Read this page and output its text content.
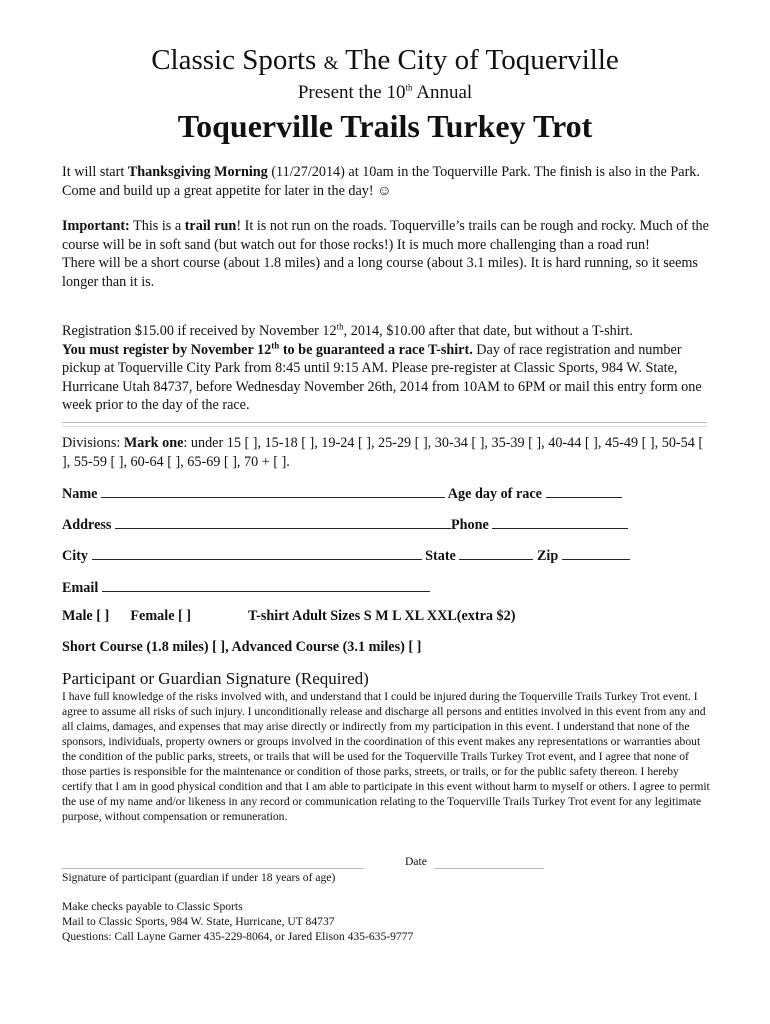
Classic Sports & The City of Toquerville
Present the 10th Annual
Toquerville Trails Turkey Trot

It will start Thanksgiving Morning (11/27/2014) at 10am in the Toquerville Park. The finish is also in the Park. Come and build up a great appetite for later in the day! ☺

Important: This is a trail run! It is not run on the roads. Toquerville’s trails can be rough and rocky. Much of the course will be in soft sand (but watch out for those rocks!) It is much more challenging than a road run!

There will be a short course (about 1.8 miles) and a long course (about 3.1 miles). It is hard running, so it seems longer than it is.

Registration $15.00 if received by November 12th, 2014, $10.00 after that date, but without a T-shirt.
You must register by November 12th to be guaranteed a race T-shirt. Day of race registration and number pickup at Toquerville City Park from 8:45 until 9:15 AM. Please pre-register at Classic Sports, 984 W. State, Hurricane Utah 84737, before Wednesday November 26th, 2014 from 10AM to 6PM or mail this entry form one week prior to the day of the race.

Divisions: Mark one: under 15 [ ], 15-18 [ ], 19-24 [ ], 25-29 [ ], 30-34 [ ], 35-39 [ ], 40-44 [ ], 45-49 [ ], 50-54 [ ], 55-59 [ ], 60-64 [ ], 65-69 [ ], 70 + [ ].

Name	Age day of race
Address	Phone
City	State	Zip
Email
Male [ ] Female [ ]	T-shirt Adult Sizes S M L XL XXL(extra $2)
Short Course (1.8 miles) [ ], Advanced Course (3.1 miles) [ ]
Participant or Guardian Signature (Required)
I have full knowledge of the risks involved with, and understand that I could be injured during the Toquerville Trails Turkey Trot event. I agree to assume all risks of such injury. I unconditionally release and discharge all persons and entities involved in this event from any and all claims, damages, and expenses that may arise directly or indirectly from my participation in this event. I understand that none of the sponsors, individuals, property owners or groups involved in the coordination of this event makes any representations or warranties about the condition of the public parks, streets, or trails that will be used for the Toquerville Trails Turkey Trot event, and I agree that none of those parties is responsible for the maintenance or condition of those parks, streets, or trails, or for the public safety thereon. I hereby certify that I am in good physical condition and that I am able to participate in this event without harm to myself or others. I agree to permit the use of my name and/or likeness in any record or communication relating to the Toquerville Trails Turkey Trot event for any legitimate purpose, without compensation or remuneration.
Date
Signature of participant (guardian if under 18 years of age)
Make checks payable to Classic Sports
Mail to Classic Sports, 984 W. State, Hurricane, UT 84737
Questions: Call Layne Garner 435-229-8064, or Jared Elison 435-635-9777
